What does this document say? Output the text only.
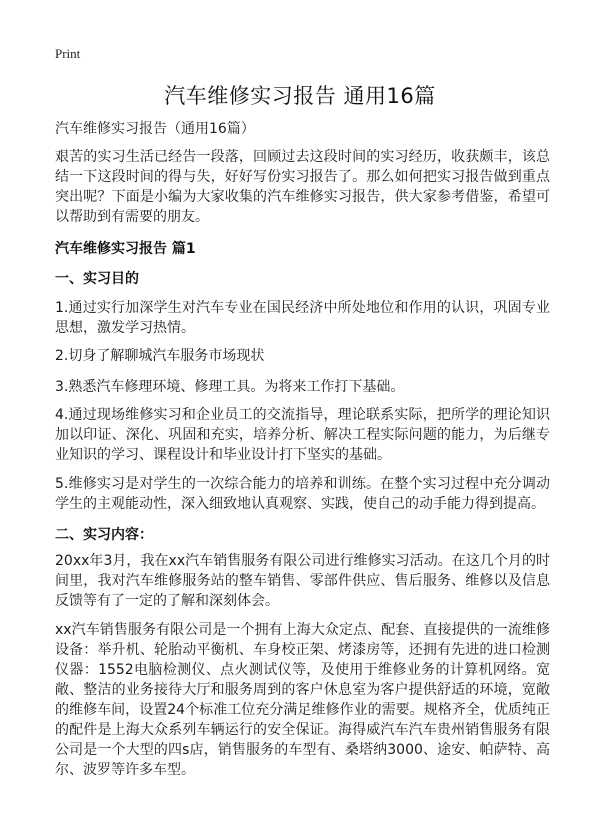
Print
汽车维修实习报告 通用16篇
汽车维修实习报告（通用16篇）

艰苦的实习生活已经告一段落，回顾过去这段时间的实习经历，收获颇丰，该总结一下这段时间的得与失，好好写份实习报告了。那么如何把实习报告做到重点突出呢？下面是小编为大家收集的汽车维修实习报告，供大家参考借鉴，希望可以帮助到有需要的朋友。

汽车维修实习报告 篇1
一、实习目的

1.通过实行加深学生对汽车专业在国民经济中所处地位和作用的认识，巩固专业思想，激发学习热情。

2.切身了解聊城汽车服务市场现状

3.熟悉汽车修理环境、修理工具。为将来工作打下基础。

4.通过现场维修实习和企业员工的交流指导，理论联系实际，把所学的理论知识加以印证、深化、巩固和充实，培养分析、解决工程实际问题的能力，为后继专业知识的学习、课程设计和毕业设计打下坚实的基础。

5.维修实习是对学生的一次综合能力的培养和训练。在整个实习过程中充分调动学生的主观能动性，深入细致地认真观察、实践，使自己的动手能力得到提高。

二、实习内容：

20xx年3月，我在xx汽车销售服务有限公司进行维修实习活动。在这几个月的时间里，我对汽车维修服务站的整车销售、零部件供应、售后服务、维修以及信息反馈等有了一定的了解和深刻体会。

xx汽车销售服务有限公司是一个拥有上海大众定点、配套、直接提供的一流维修设备：举升机、轮胎动平衡机、车身校正架、烤漆房等，还拥有先进的进口检测仪器：1552电脑检测仪、点火测试仪等，及使用于维修业务的计算机网络。宽敞、整洁的业务接待大厅和服务周到的客户休息室为客户提供舒适的环境，宽敞的维修车间，设置24个标准工位充分满足维修作业的需要。规格齐全，优质纯正的配件是上海大众系列车辆运行的安全保证。海得威汽车汽车贵州销售服务有限公司是一个大型的四s店，销售服务的车型有、桑塔纳3000、途安、帕萨特、高尔、波罗等许多车型。
